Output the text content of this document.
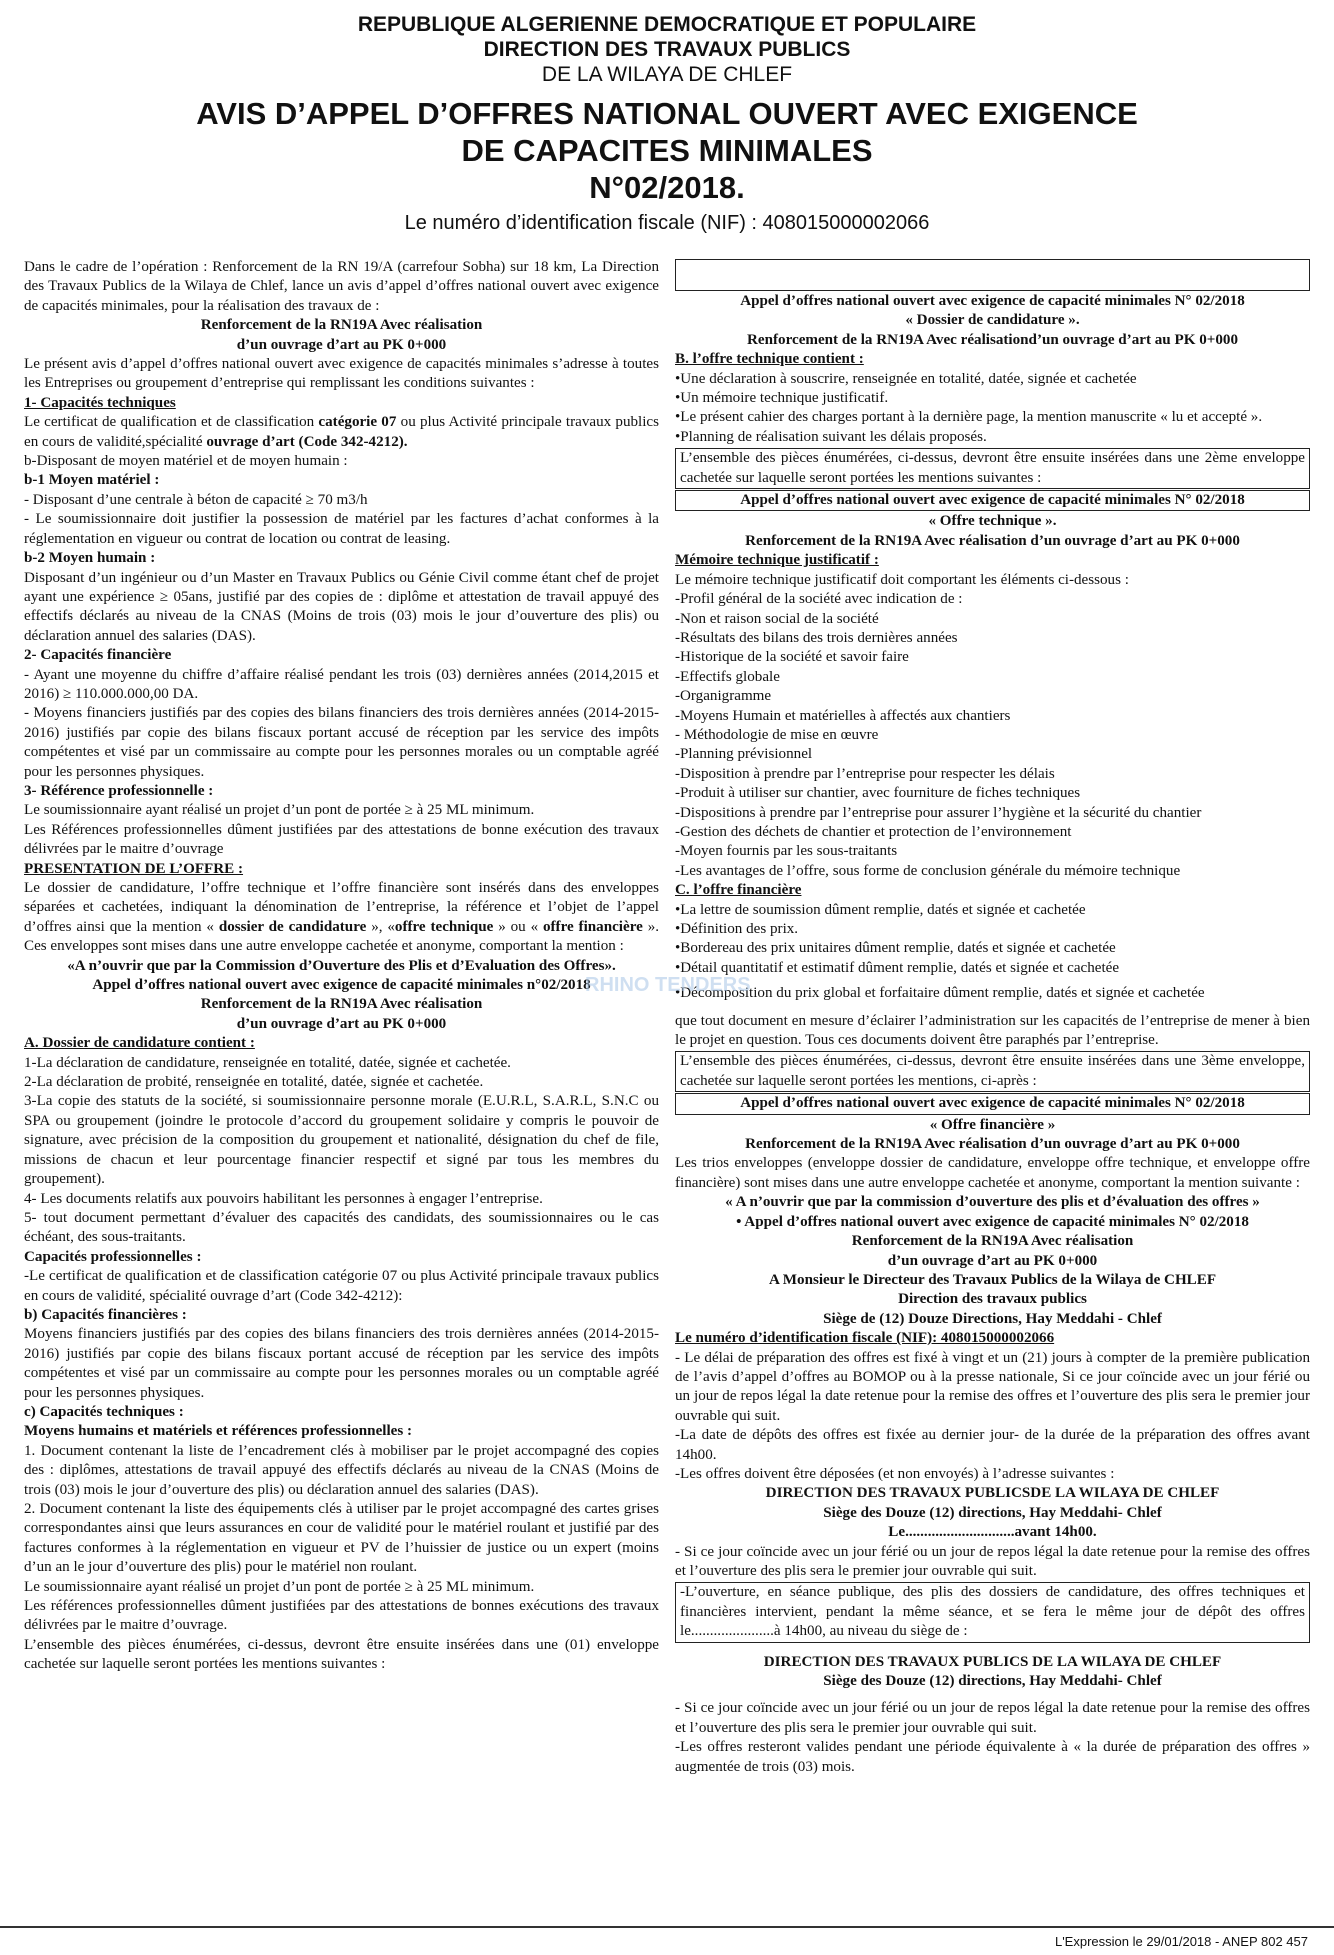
REPUBLIQUE ALGERIENNE DEMOCRATIQUE ET POPULAIRE
DIRECTION DES TRAVAUX PUBLICS
DE LA WILAYA DE CHLEF
AVIS D’APPEL D’OFFRES NATIONAL OUVERT AVEC EXIGENCE
DE CAPACITES MINIMALES
N°02/2018.
Le numéro d’identification fiscale (NIF) : 408015000002066

Dans le cadre de l’opération : Renforcement de la RN 19/A (carrefour Sobha) sur 18 km, La Direction des Travaux Publics de la Wilaya de Chlef, lance un avis d’appel d’offres national ouvert avec exigence de capacités minimales, pour la réalisation des travaux de :

Renforcement de la RN19A Avec réalisation

d’un ouvrage d’art au PK 0+000

Le présent avis d’appel d’offres national ouvert avec exigence de capacités minimales s’adresse à toutes les Entreprises ou groupement d’entreprise qui remplissant les conditions suivantes :

1- Capacités techniques

Le certificat de qualification et de classification catégorie 07 ou plus Activité principale travaux publics en cours de validité,spécialité ouvrage d’art (Code 342-4212).

b-Disposant de moyen matériel et de moyen humain :

b-1 Moyen matériel :

- Disposant d’une centrale à béton de capacité ≥ 70 m3/h

- Le soumissionnaire doit justifier la possession de matériel par les factures d’achat conformes à la réglementation en vigueur ou contrat de location ou contrat de leasing.

b-2 Moyen humain :

Disposant d’un ingénieur ou d’un Master en Travaux Publics ou Génie Civil comme étant chef de projet ayant une expérience ≥ 05ans, justifié par des copies de : diplôme et attestation de travail appuyé des effectifs déclarés au niveau de la CNAS (Moins de trois (03) mois le jour d’ouverture des plis) ou déclaration annuel des salaries (DAS).

2- Capacités financière

- Ayant une moyenne du chiffre d’affaire réalisé pendant les trois (03) dernières années (2014,2015 et 2016) ≥ 110.000.000,00 DA.

- Moyens financiers justifiés par des copies des bilans financiers des trois dernières années (2014-2015-2016) justifiés par copie des bilans fiscaux portant accusé de réception par les service des impôts compétentes et visé par un commissaire au compte pour les personnes morales ou un comptable agréé pour les personnes physiques.

3- Référence professionnelle :

Le soumissionnaire ayant réalisé un projet d’un pont de portée ≥ à 25 ML minimum.

Les Références professionnelles dûment justifiées par des attestations de bonne exécution des travaux délivrées par le maitre d’ouvrage

PRESENTATION DE L’OFFRE :

Le dossier de candidature, l’offre technique et l’offre financière sont insérés dans des enveloppes séparées et cachetées, indiquant la dénomination de l’entreprise, la référence et l’objet de l’appel d’offres ainsi que la mention « dossier de candidature », «offre technique » ou « offre financière ». Ces enveloppes sont mises dans une autre enveloppe cachetée et anonyme, comportant la mention :

«A n’ouvrir que par la Commission d’Ouverture des Plis et d’Evaluation des Offres».

Appel d’offres national ouvert avec exigence de capacité minimales n°02/2018

Renforcement de la RN19A Avec réalisation

d’un ouvrage d’art au PK 0+000

A. Dossier de candidature contient :

1-La déclaration de candidature, renseignée en totalité, datée, signée et cachetée.

2-La déclaration de probité, renseignée en totalité, datée, signée et cachetée.

3-La copie des statuts de la société, si soumissionnaire personne morale (E.U.R.L, S.A.R.L, S.N.C ou SPA ou groupement (joindre le protocole d’accord du groupement solidaire y compris le pouvoir de signature, avec précision de la composition du groupement et nationalité, désignation du chef de file, missions de chacun et leur pourcentage financier respectif et signé par tous les membres du groupement).

4- Les documents relatifs aux pouvoirs habilitant les personnes à engager l’entreprise.

5- tout document permettant d’évaluer des capacités des candidats, des soumissionnaires ou le cas échéant, des sous-traitants.

Capacités professionnelles :

-Le certificat de qualification et de classification catégorie 07 ou plus Activité principale travaux publics en cours de validité, spécialité ouvrage d’art (Code 342-4212):

b) Capacités financières :

Moyens financiers justifiés par des copies des bilans financiers des trois dernières années (2014-2015-2016) justifiés par copie des bilans fiscaux portant accusé de réception par les service des impôts compétentes et visé par un commissaire au compte pour les personnes morales ou un comptable agréé pour les personnes physiques.

c) Capacités techniques :

Moyens humains et matériels et références professionnelles :

1. Document contenant la liste de l’encadrement clés à mobiliser par le projet accompagné des copies des : diplômes, attestations de travail appuyé des effectifs déclarés au niveau de la CNAS (Moins de trois (03) mois le jour d’ouverture des plis) ou déclaration annuel des salaries (DAS).

2. Document contenant la liste des équipements clés à utiliser par le projet accompagné des cartes grises correspondantes ainsi que leurs assurances en cour de validité pour le matériel roulant et justifié par des factures conformes à la réglementation en vigueur et PV de l’huissier de justice ou un expert (moins d’un an le jour d’ouverture des plis) pour le matériel non roulant.

Le soumissionnaire ayant réalisé un projet d’un pont de portée ≥ à 25 ML minimum.

Les références professionnelles dûment justifiées par des attestations de bonnes exécutions des travaux délivrées par le maitre d’ouvrage.

L’ensemble des pièces énumérées, ci-dessus, devront être ensuite insérées dans une (01) enveloppe cachetée sur laquelle seront portées les mentions suivantes :

Appel d’offres national ouvert avec exigence de capacité minimales N° 02/2018

« Dossier de candidature ».

Renforcement de la RN19A Avec réalisationd’un ouvrage d’art au PK 0+000

B. l’offre technique contient :

•Une déclaration à souscrire, renseignée en totalité, datée, signée et cachetée

•Un mémoire technique justificatif.

•Le présent cahier des charges portant à la dernière page, la mention manuscrite « lu et accepté ».

•Planning de réalisation suivant les délais proposés.

L’ensemble des pièces énumérées, ci-dessus, devront être ensuite insérées dans une 2ème enveloppe cachetée sur laquelle seront portées les mentions suivantes :

Appel d’offres national ouvert avec exigence de capacité minimales N° 02/2018

« Offre technique ».

Renforcement de la RN19A Avec réalisation d’un ouvrage d’art au PK 0+000

Mémoire technique justificatif :

Le mémoire technique justificatif doit comportant les éléments ci-dessous :

-Profil général de la société avec indication de :

-Non et raison social de la société

-Résultats des bilans des trois dernières années

-Historique de la société et savoir faire

-Effectifs globale

-Organigramme

-Moyens Humain et matérielles à affectés aux chantiers

- Méthodologie de mise en œuvre

-Planning prévisionnel

-Disposition à prendre par l’entreprise pour respecter les délais

-Produit à utiliser sur chantier, avec fourniture de fiches techniques

-Dispositions à prendre par l’entreprise pour assurer l’hygiène et la sécurité du chantier

-Gestion des déchets de chantier et protection de l’environnement

-Moyen fournis par les sous-traitants

-Les avantages de l’offre, sous forme de conclusion générale du mémoire technique

C. l’offre financière

•La lettre de soumission dûment remplie, datés et signée et cachetée

•Définition des prix.

•Bordereau des prix unitaires dûment remplie, datés et signée et cachetée

•Détail quantitatif et estimatif dûment remplie, datés et signée et cachetée

•Décomposition du prix global et forfaitaire dûment remplie, datés et signée et cachetée

que tout document en mesure d’éclairer l’administration sur les capacités de l’entreprise de mener à bien le projet en question. Tous ces documents doivent être paraphés par l’entreprise.

L’ensemble des pièces énumérées, ci-dessus, devront être ensuite insérées dans une 3ème enveloppe, cachetée sur laquelle seront portées les mentions, ci-après :

Appel d’offres national ouvert avec exigence de capacité minimales N° 02/2018

« Offre financière »

Renforcement de la RN19A Avec réalisation d’un ouvrage d’art au PK 0+000

Les trios enveloppes (enveloppe dossier de candidature, enveloppe offre technique, et enveloppe offre financière) sont mises dans une autre enveloppe cachetée et anonyme, comportant la mention suivante :

« A n’ouvrir que par la commission d’ouverture des plis et d’évaluation des offres »

• Appel d’offres national ouvert avec exigence de capacité minimales N° 02/2018

Renforcement de la RN19A Avec réalisation

d’un ouvrage d’art au PK 0+000

A Monsieur le Directeur des Travaux Publics de la Wilaya de CHLEF

Direction des travaux publics

Siège de (12) Douze Directions, Hay Meddahi - Chlef

Le numéro d’identification fiscale (NIF): 408015000002066

- Le délai de préparation des offres est fixé à vingt et un (21) jours à compter de la première publication de l’avis d’appel d’offres au BOMOP ou à la presse nationale, Si ce jour coïncide avec un jour férié ou un jour de repos légal la date retenue pour la remise des offres et l’ouverture des plis sera le premier jour ouvrable qui suit.

-La date de dépôts des offres est fixée au dernier jour- de la durée de la préparation des offres avant 14h00.

-Les offres doivent être déposées (et non envoyés) à l’adresse suivantes :

DIRECTION DES TRAVAUX PUBLICSDE LA WILAYA DE CHLEF

Siège des Douze (12) directions, Hay Meddahi- Chlef

Le.............................avant 14h00.

- Si ce jour coïncide avec un jour férié ou un jour de repos légal la date retenue pour la remise des offres et l’ouverture des plis sera le premier jour ouvrable qui suit.

-L’ouverture, en séance publique, des plis des dossiers de candidature, des offres techniques et financières intervient, pendant la même séance, et se fera le même jour de dépôt des offres le......................à 14h00, au niveau du siège de :

DIRECTION DES TRAVAUX PUBLICS DE LA WILAYA DE CHLEF

Siège des Douze (12) directions, Hay Meddahi- Chlef

- Si ce jour coïncide avec un jour férié ou un jour de repos légal la date retenue pour la remise des offres et l’ouverture des plis sera le premier jour ouvrable qui suit.

-Les offres resteront valides pendant une période équivalente à « la durée de préparation des offres » augmentée de trois (03) mois.

RHINO TENDERS
L'Expression le 29/01/2018 - ANEP 802 457
